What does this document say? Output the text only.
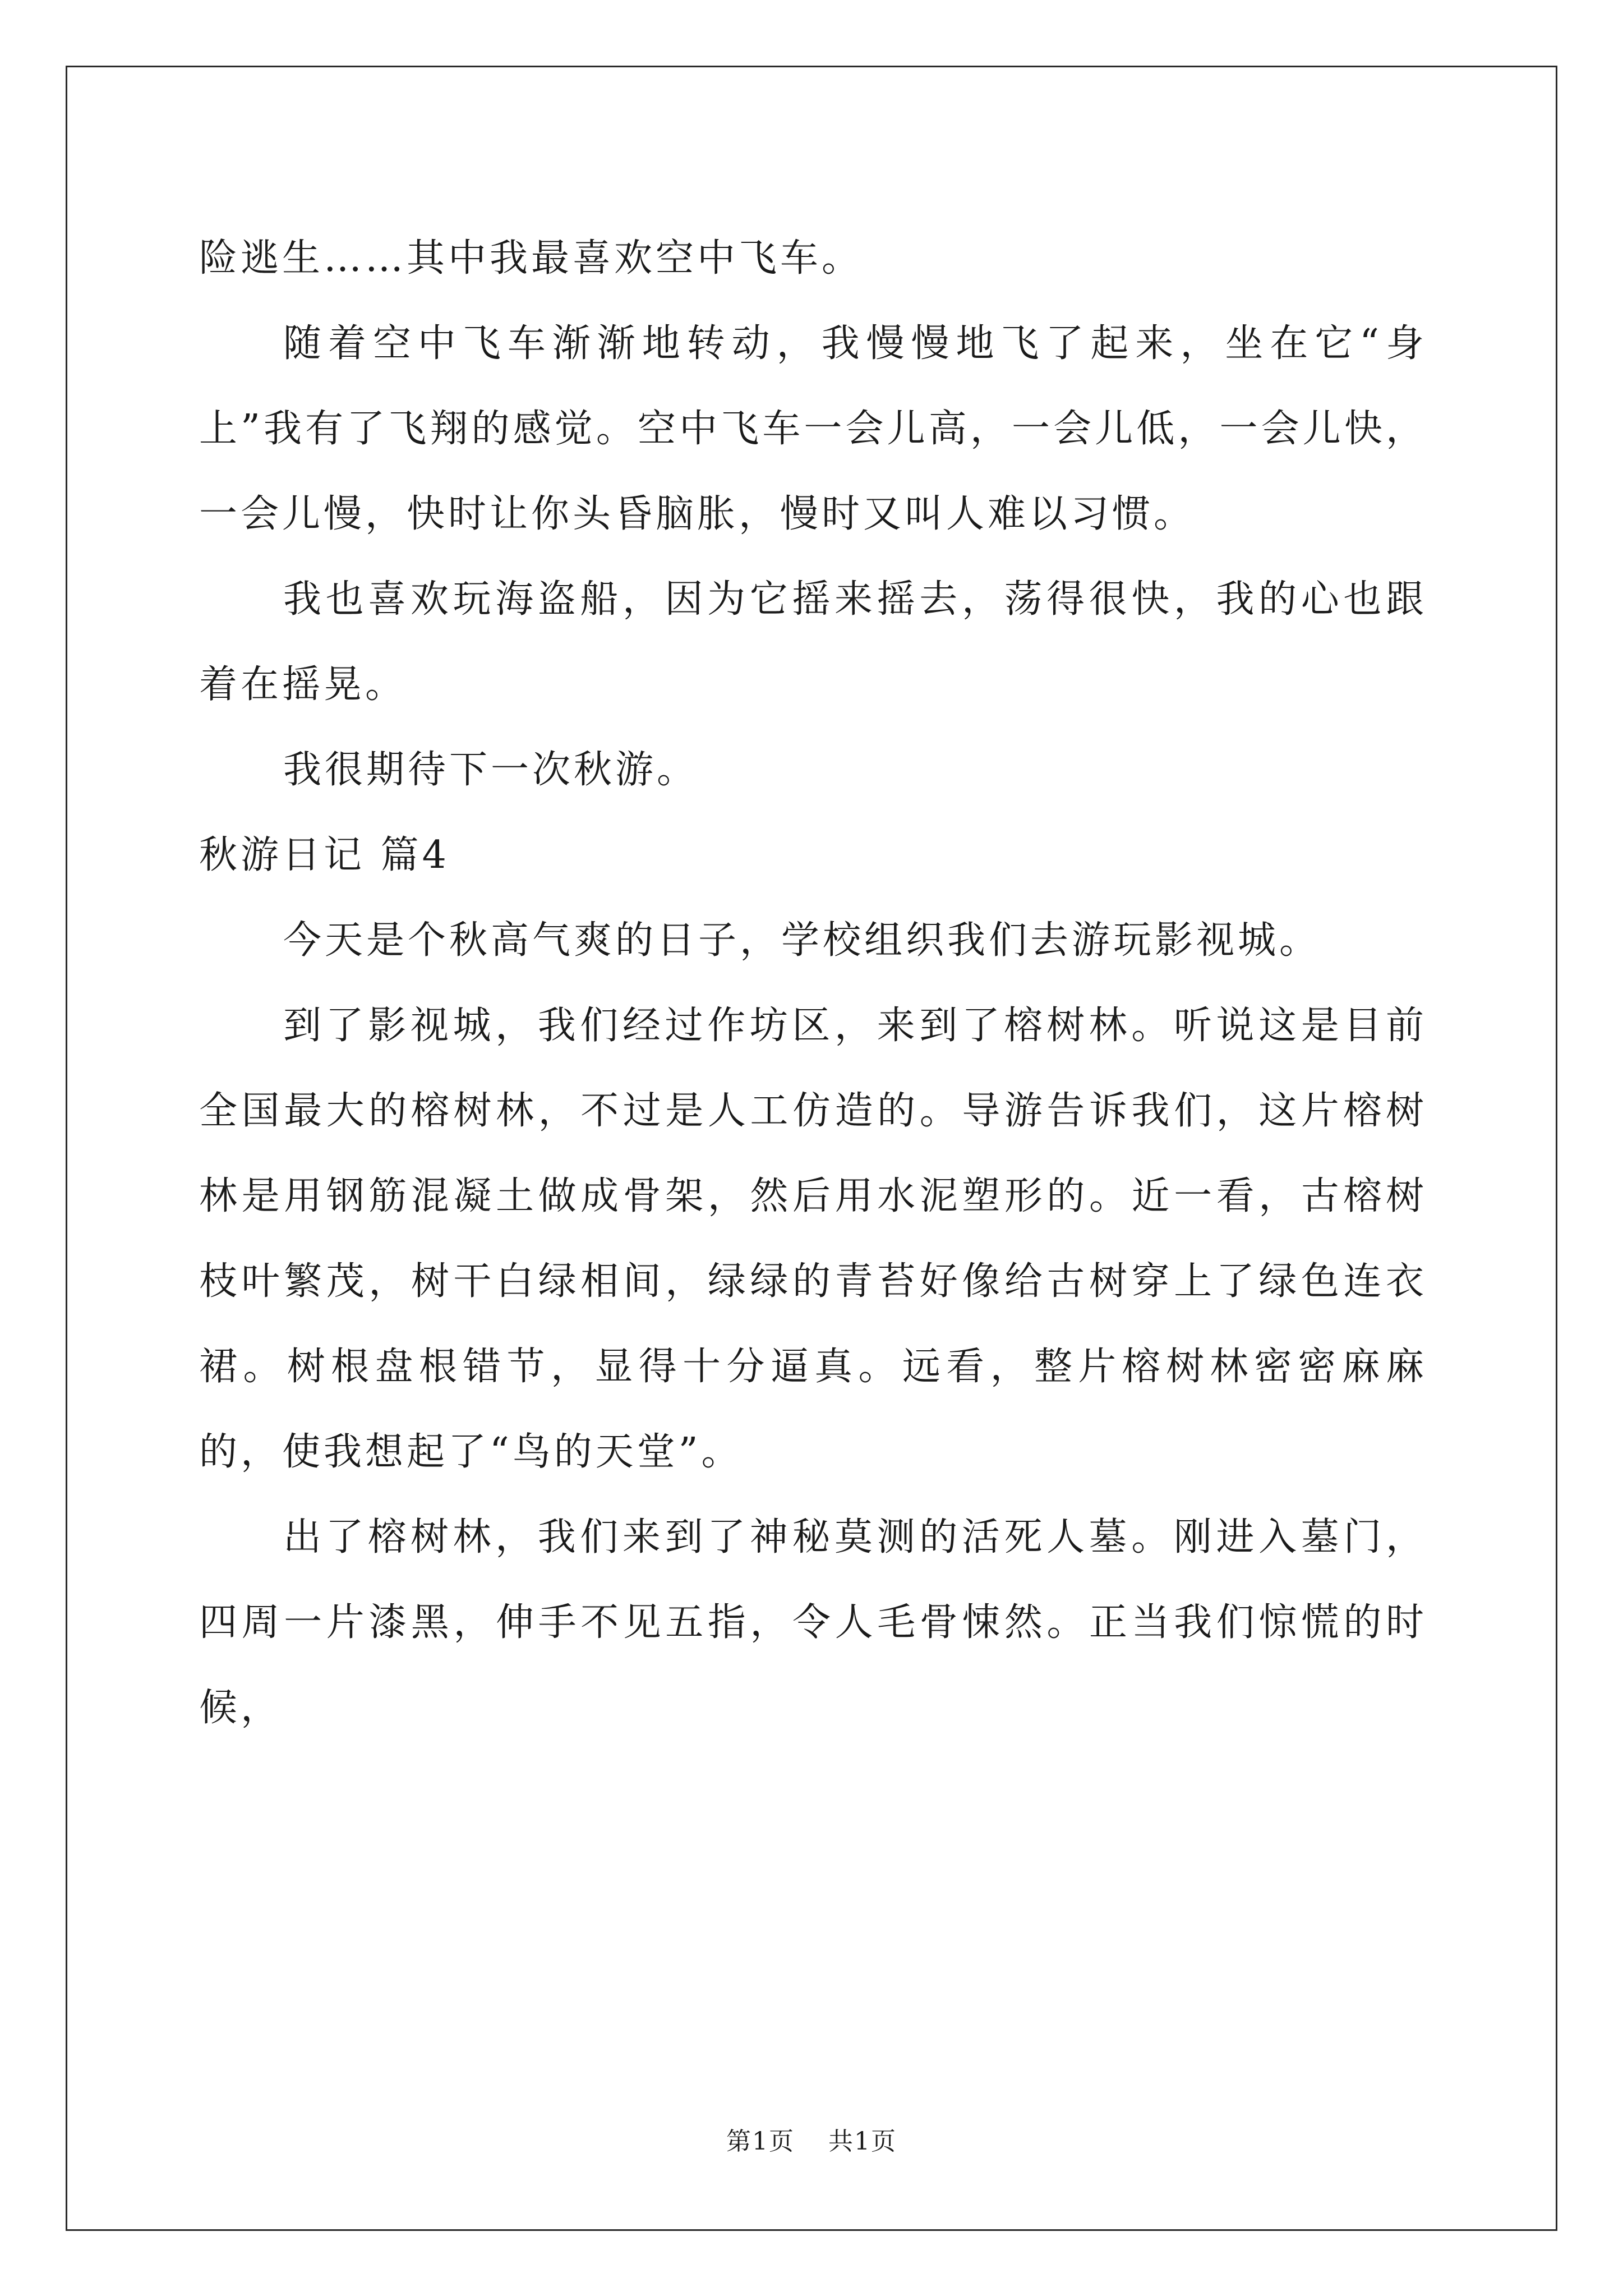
险逃生……其中我最喜欢空中飞车。

随着空中飞车渐渐地转动，我慢慢地飞了起来，坐在它“身上”我有了飞翔的感觉。空中飞车一会儿高，一会儿低，一会儿快，一会儿慢，快时让你头昏脑胀，慢时又叫人难以习惯。

我也喜欢玩海盗船，因为它摇来摇去，荡得很快，我的心也跟着在摇晃。

我很期待下一次秋游。

秋游日记 篇4

今天是个秋高气爽的日子，学校组织我们去游玩影视城。

到了影视城，我们经过作坊区，来到了榕树林。听说这是目前全国最大的榕树林，不过是人工仿造的。导游告诉我们，这片榕树林是用钢筋混凝土做成骨架，然后用水泥塑形的。近一看，古榕树枝叶繁茂，树干白绿相间，绿绿的青苔好像给古树穿上了绿色连衣裙。树根盘根错节，显得十分逼真。远看，整片榕树林密密麻麻的，使我想起了“鸟的天堂”。

出了榕树林，我们来到了神秘莫测的活死人墓。刚进入墓门，四周一片漆黑，伸手不见五指，令人毛骨悚然。正当我们惊慌的时候，

第1页 共1页
